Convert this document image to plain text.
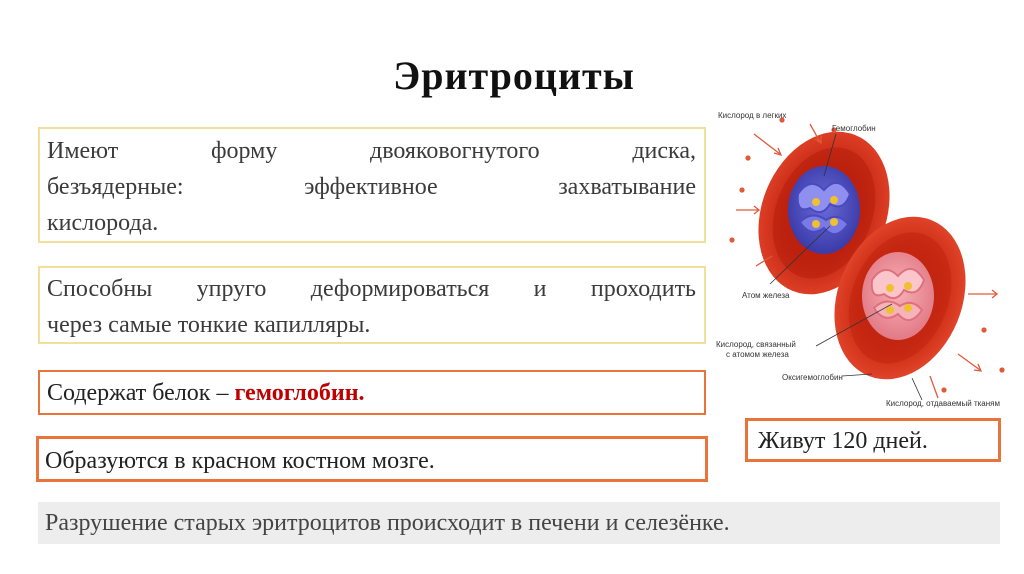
Эритроциты
Имеют форму двояковогнутого диска,
безъядерные: эффективное захватывание
кислорода.
Способны упруго деформироваться и проходить
через самые тонкие капилляры.
Содержат белок – гемоглобин.
Образуются в красном костном мозге.
Живут 120 дней.
Разрушение старых эритроцитов происходит в печени и селезёнке.
Кислород в легких
Гемоглобин
Атом железа
Кислород, связанный
с атомом железа
Оксигемоглобин
Кислород, отдаваемый тканям
